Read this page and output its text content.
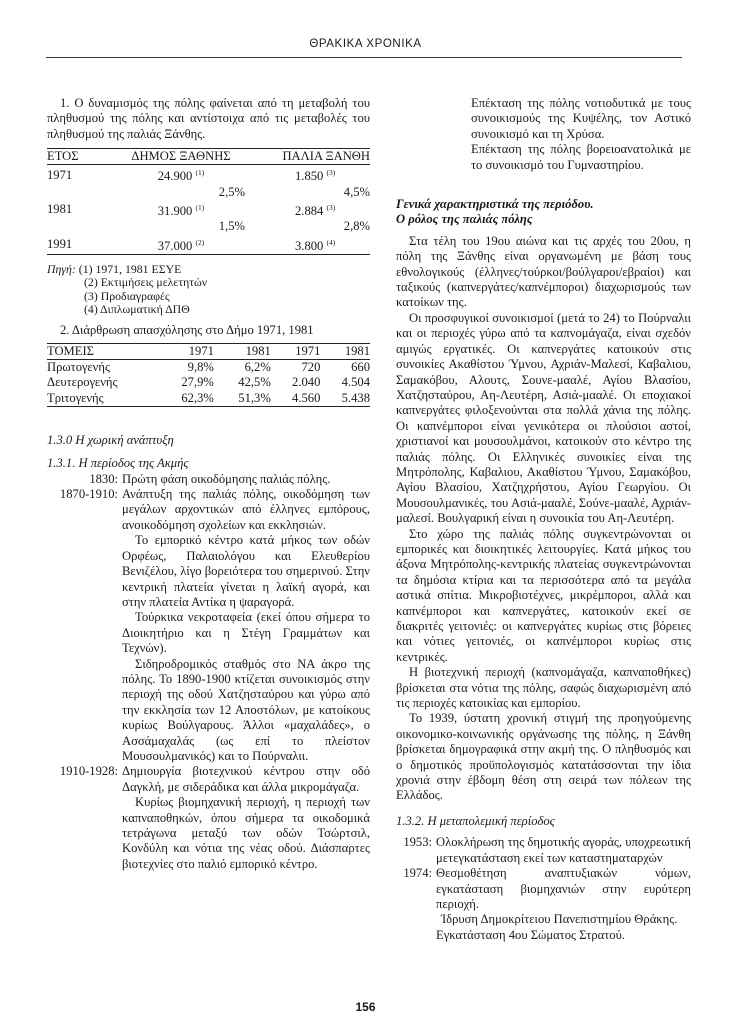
ΘΡΑΚΙΚΑ ΧΡΟΝΙΚΑ

1. Ο δυναμισμός της πόλης φαίνεται από τη μεταβολή του πληθυσμού της πόλης και αντίστοιχα από τις μεταβολές του πληθυσμού της παλιάς Ξάνθης.

ΕΤΟΣ	ΔΗΜΟΣ ΞΑΘΝΗΣ	ΠΑΛΙΑ ΞΑΝΘΗ
1971	24.900 $^{(1)}$	1.850 $^{(3)}$
	2,5%	4,5%
1981	31.900 $^{(1)}$	2.884 $^{(3)}$
	1,5%	2,8%
1991	37.000 $^{(2)}$	3.800 $^{(4)}$
Πηγή: (1) 1971, 1981 ΕΣΥΕ
(2) Εκτιμήσεις μελετητών
(3) Προδιαγραφές
(4) Διπλωματική ΔΠΘ

2. Διάρθρωση απασχόλησης στο Δήμο 1971, 1981

ΤΟΜΕΙΣ	1971	1981	1971	1981
Πρωτογενής	9,8%	6,2%	720	660
Δευτερογενής	27,9%	42,5%	2.040	4.504
Τριτογενής	62,3%	51,3%	4.560	5.438

1.3.0 Η χωρική ανάπτυξη

1.3.1. Η περίοδος της Ακμής

1830: Πρώτη φάση οικοδόμησης παλιάς πόλης.
1870-1910: Ανάπτυξη της παλιάς πόλης, οικοδόμηση των μεγάλων αρχοντικών από έλληνες εμπόρους, ανοικοδόμηση σχολείων και εκκλησιών.

Το εμπορικό κέντρο κατά μήκος των οδών Ορφέως, Παλαιολόγου και Ελευθερίου Βενιζέλου, λίγο βορειότερα του σημερινού. Στην κεντρική πλατεία γίνεται η λαϊκή αγορά, και στην πλατεία Αντίκα η ψαραγορά.

Τούρκικα νεκροταφεία (εκεί όπου σήμερα το Διοικητήριο και η Στέγη Γραμμάτων και Τεχνών).

Σιδηροδρομικός σταθμός στο ΝΑ άκρο της πόλης. Το 1890-1900 κτίζεται συνοικισμός στην περιοχή της οδού Χατζησταύρου και γύρω από την εκκλησία των 12 Αποστόλων, με κατοίκους κυρίως Βούλγαρους. Άλλοι «μαχαλάδες», ο Ασσάμαχαλάς (ως επί το πλείστον Μουσουλμανικός) και το Πούρναλιι.

1910-1928: Δημιουργία βιοτεχνικού κέντρου στην οδό Δαγκλή, με σιδεράδικα και άλλα μικρομάγαζα.

Κυρίως βιομηχανική περιοχή, η περιοχή των καπναποθηκών, όπου σήμερα τα οικοδομικά τετράγωνα μεταξύ των οδών Τσώρτσιλ, Κονδύλη και νότια της νέας οδού. Διάσπαρτες βιοτεχνίες στο παλιό εμπορικό κέντρο.

Επέκταση της πόλης νοτιοδυτικά με τους συνοικισμούς της Κυψέλης, τον Αστικό συνοικισμό και τη Χρύσα.

Επέκταση της πόλης βορειοανατολικά με το συνοικισμό του Γυμναστηρίου.

Γενικά χαρακτηριστικά της περιόδου.

Ο ρόλος της παλιάς πόλης

Στα τέλη του 19ου αιώνα και τις αρχές του 20ου, η πόλη της Ξάνθης είναι οργανωμένη με βάση τους εθνολογικούς (έλληνες/τούρκοι/βούλγαροι/εβραίοι) και ταξικούς (καπνεργάτες/καπνέμποροι) διαχωρισμούς των κατοίκων της.

Οι προσφυγικοί συνοικισμοί (μετά το 24) το Πούρναλιι και οι περιοχές γύρω από τα καπνομάγαζα, είναι σχεδόν αμιγώς εργατικές. Οι καπνεργάτες κατοικούν στις συνοικίες Ακαθίστου Ύμνου, Αχριάν-Μαλεσί, Καβαλιου, Σαμακόβου, Αλουτς, Σουνε-μααλέ, Αγίου Βλασίου, Χατζησταύρου, Αη-Λευτέρη, Ασιά-μααλέ. Οι εποχιακοί καπνεργάτες φιλοξενούνται στα πολλά χάνια της πόλης. Οι καπνέμποροι είναι γενικότερα οι πλούσιοι αστοί, χριστιανοί και μουσουλμάνοι, κατοικούν στο κέντρο της παλιάς πόλης. Οι Ελληνικές συνοικίες είναι της Μητρόπολης, Καβαλιου, Ακαθίστου Ύμνου, Σαμακόβου, Αγίου Βλασίου, Χατζηχρήστου, Αγίου Γεωργίου. Οι Μουσουλμανικές, του Ασιά-μααλέ, Σούνε-μααλέ, Αχριάν-μαλεσί. Βουλγαρική είναι η συνοικία του Αη-Λευτέρη.

Στο χώρο της παλιάς πόλης συγκεντρώνονται οι εμπορικές και διοικητικές λειτουργίες. Κατά μήκος του άξονα Μητρόπολης-κεντρικής πλατείας συγκεντρώνονται τα δημόσια κτίρια και τα περισσότερα από τα μεγάλα αστικά σπίτια. Μικροβιοτέχνες, μικρέμποροι, αλλά και καπνέμποροι και καπνεργάτες, κατοικούν εκεί σε διακριτές γειτονιές: οι καπνεργάτες κυρίως στις βόρειες και νότιες γειτονιές, οι καπνέμποροι κυρίως στις κεντρικές.

Η βιοτεχνική περιοχή (καπνομάγαζα, καπναποθήκες) βρίσκεται στα νότια της πόλης, σαφώς διαχωρισμένη από τις περιοχές κατοικίας και εμπορίου.

Το 1939, ύστατη χρονική στιγμή της προηγούμενης οικονομικο-κοινωνικής οργάνωσης της πόλης, η Ξάνθη βρίσκεται δημογραφικά στην ακμή της. Ο πληθυσμός και ο δημοτικός προϋπολογισμός κατατάσσονται την ίδια χρονιά στην έβδομη θέση στη σειρά των πόλεων της Ελλάδος.

1.3.2. Η μεταπολεμική περίοδος

1953: Ολοκλήρωση της δημοτικής αγοράς, υποχρεωτική μετεγκατάσταση εκεί των καταστηματαρχών
1974: Θεσμοθέτηση αναπτυξιακών νόμων, εγκατάσταση βιομηχανιών στην ευρύτερη περιοχή.

Ίδρυση Δημοκρίτειου Πανεπιστημίου Θράκης.

Εγκατάσταση 4ου Σώματος Στρατού.

156
